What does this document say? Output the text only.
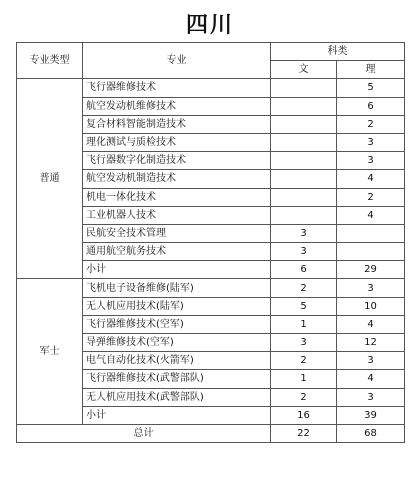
四川
专业类型	专业	科类	
		文	理
普通	飞行器维修技术		5
	航空发动机维修技术		6
	复合材料智能制造技术		2
	理化测试与质检技术		3
	飞行器数字化制造技术		3
	航空发动机制造技术		4
	机电一体化技术		2
	工业机器人技术		4
	民航安全技术管理	3	
	通用航空航务技术	3	
	小计	6	29
军士	飞机电子设备维修(陆军)	2	3
	无人机应用技术(陆军)	5	10
	飞行器维修技术(空军)	1	4
	导弹维修技术(空军)	3	12
	电气自动化技术(火箭军)	2	3
	飞行器维修技术(武警部队)	1	4
	无人机应用技术(武警部队)	2	3
	小计	16	39
总计		22	68
